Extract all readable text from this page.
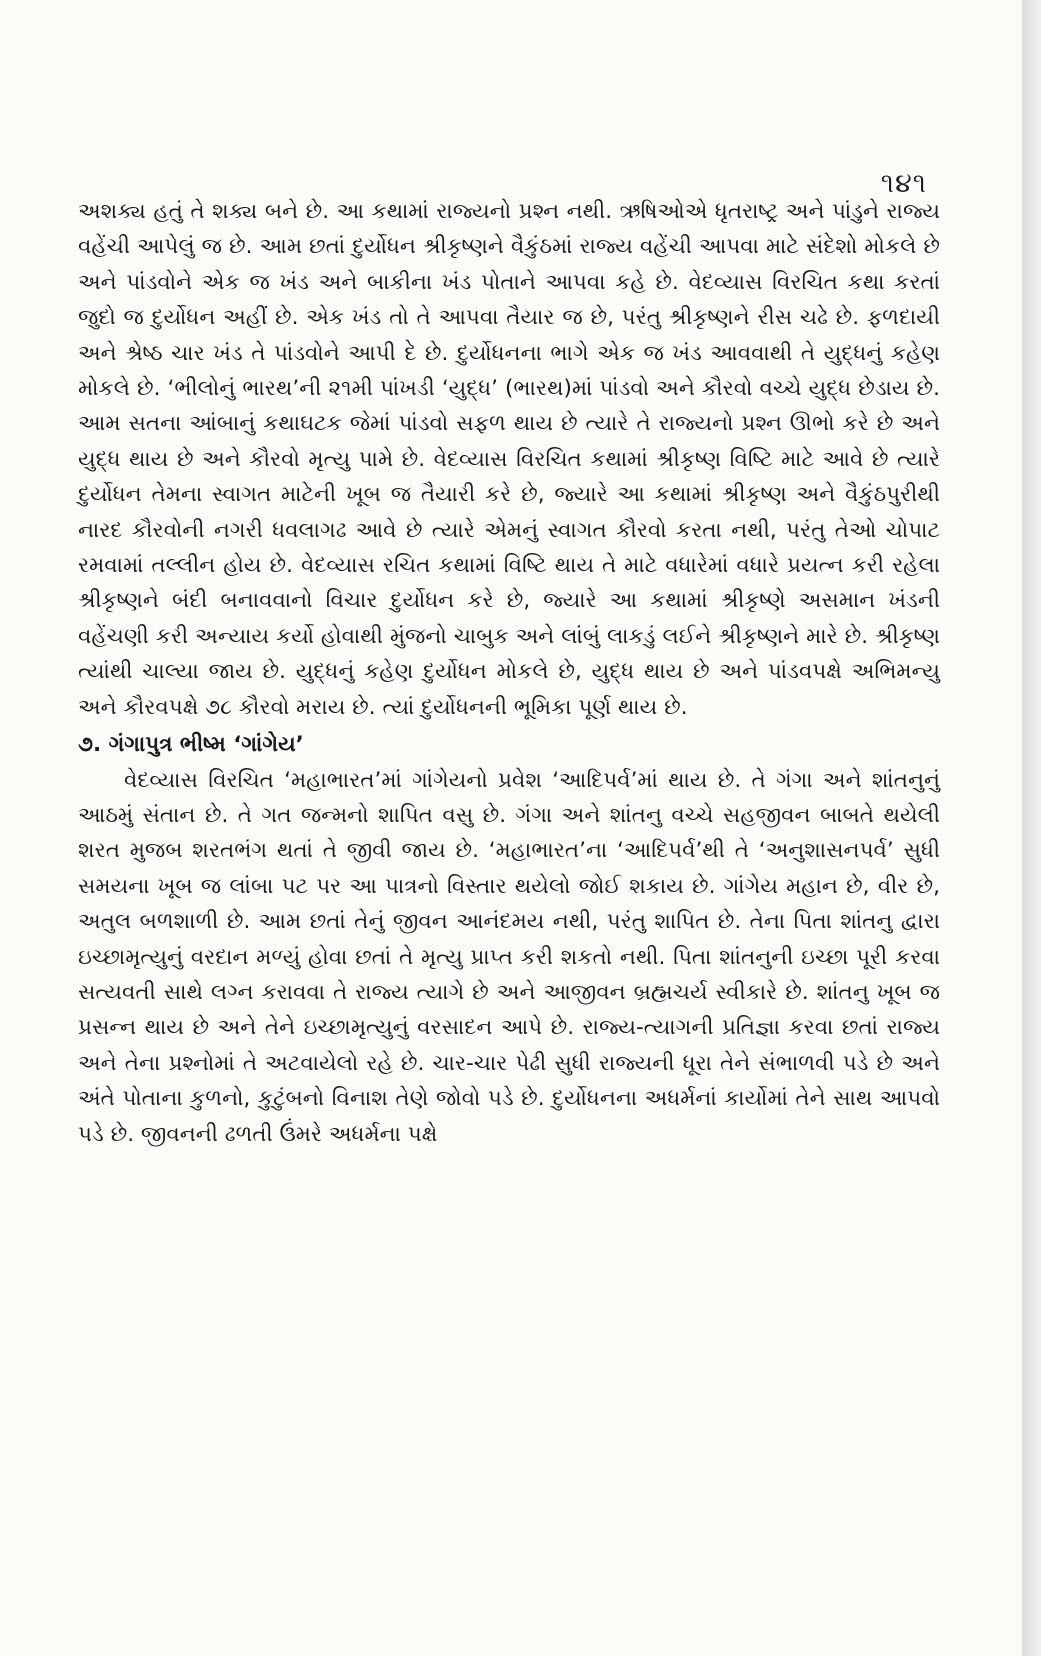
૧૪૧

અશક્ય હતું તે શક્ય બને છે. આ કથામાં રાજ્યનો પ્રશ્ન નથી. ઋષિઓએ ધૃતરાષ્ટ્ર અને પાંડુને રાજ્ય વહેંચી આપેલું જ છે. આમ છતાં દુર્યોધન શ્રીકૃષ્ણને વૈકુંઠમાં રાજ્ય વહેંચી આપવા માટે સંદેશો મોકલે છે અને પાંડવોને એક જ ખંડ અને બાકીના ખંડ પોતાને આપવા કહે છે. વેદવ્યાસ વિરચિત કથા કરતાં જુદો જ દુર્યોધન અહીં છે. એક ખંડ તો તે આપવા તૈયાર જ છે, પરંતુ શ્રીકૃષ્ણને રીસ ચઢે છે. ફળદાયી અને શ્રેષ્ઠ ચાર ખંડ તે પાંડવોને આપી દે છે. દુર્યોધનના ભાગે એક જ ખંડ આવવાથી તે યુદ્ધનું કહેણ મોકલે છે. ‘ભીલોનું ભારથ’ની ૨૧મી પાંખડી ‘યુદ્ધ’ (ભારથ)માં પાંડવો અને કૌરવો વચ્ચે યુદ્ધ છેડાય છે. આમ સતના આંબાનું કથાઘટક જેમાં પાંડવો સફળ થાય છે ત્યારે તે રાજ્યનો પ્રશ્ન ઊભો કરે છે અને યુદ્ધ થાય છે અને કૌરવો મૃત્યુ પામે છે. વેદવ્યાસ વિરચિત કથામાં શ્રીકૃષ્ણ વિષ્ટિ માટે આવે છે ત્યારે દુર્યોધન તેમના સ્વાગત માટેની ખૂબ જ તૈયારી કરે છે, જ્યારે આ કથામાં શ્રીકૃષ્ણ અને વૈકુંઠપુરીથી નારદ કૌરવોની નગરી ધવલાગઢ આવે છે ત્યારે એમનું સ્વાગત કૌરવો કરતા નથી, પરંતુ તેઓ ચોપાટ રમવામાં તલ્લીન હોય છે. વેદવ્યાસ રચિત કથામાં વિષ્ટિ થાય તે માટે વધારેમાં વધારે પ્રયત્ન કરી રહેલા શ્રીકૃષ્ણને બંદી બનાવવાનો વિચાર દુર્યોધન કરે છે, જ્યારે આ કથામાં શ્રીકૃષ્ણે અસમાન ખંડની વહેંચણી કરી અન્યાય કર્યો હોવાથી મુંજનો ચાબુક અને લાંબું લાકડું લઈને શ્રીકૃષ્ણને મારે છે. શ્રીકૃષ્ણ ત્યાંથી ચાલ્યા જાય છે. યુદ્ધનું કહેણ દુર્યોધન મોકલે છે, યુદ્ધ થાય છે અને પાંડવપક્ષે અભિમન્યુ અને કૌરવપક્ષે ૭૮ કૌરવો મરાય છે. ત્યાં દુર્યોધનની ભૂમિકા પૂર્ણ થાય છે.

૭. ગંગાપુત્ર ભીષ્મ ‘ગાંગેય’

વેદવ્યાસ વિરચિત ‘મહાભારત’માં ગાંગેયનો પ્રવેશ ‘આદિપર્વ’માં થાય છે. તે ગંગા અને શાંતનુનું આઠમું સંતાન છે. તે ગત જન્મનો શાપિત વસુ છે. ગંગા અને શાંતનુ વચ્ચે સહજીવન બાબતે થયેલી શરત મુજબ શરતભંગ થતાં તે જીવી જાય છે. ‘મહાભારત’ના ‘આદિપર્વ’થી તે ‘અનુશાસનપર્વ’ સુધી સમયના ખૂબ જ લાંબા પટ પર આ પાત્રનો વિસ્તાર થયેલો જોઈ શકાય છે. ગાંગેય મહાન છે, વીર છે, અતુલ બળશાળી છે. આમ છતાં તેનું જીવન આનંદમય નથી, પરંતુ શાપિત છે. તેના પિતા શાંતનુ દ્વારા ઇચ્છામૃત્યુનું વરદાન મળ્યું હોવા છતાં તે મૃત્યુ પ્રાપ્ત કરી શકતો નથી. પિતા શાંતનુની ઇચ્છા પૂરી કરવા સત્યવતી સાથે લગ્ન કરાવવા તે રાજ્ય ત્યાગે છે અને આજીવન બ્રહ્મચર્ય સ્વીકારે છે. શાંતનુ ખૂબ જ પ્રસન્ન થાય છે અને તેને ઇચ્છામૃત્યુનું વરસાદન આપે છે. રાજ્ય-ત્યાગની પ્રતિજ્ઞા કરવા છતાં રાજ્ય અને તેના પ્રશ્નોમાં તે અટવાયેલો રહે છે. ચાર-ચાર પેઢી સુધી રાજ્યની ધૂરા તેને સંભાળવી પડે છે અને અંતે પોતાના કુળનો, કુટુંબનો વિનાશ તેણે જોવો પડે છે. દુર્યોધનના અધર્મનાં કાર્યોમાં તેને સાથ આપવો પડે છે. જીવનની ઢળતી ઉંમરે અધર્મના પક્ષે
